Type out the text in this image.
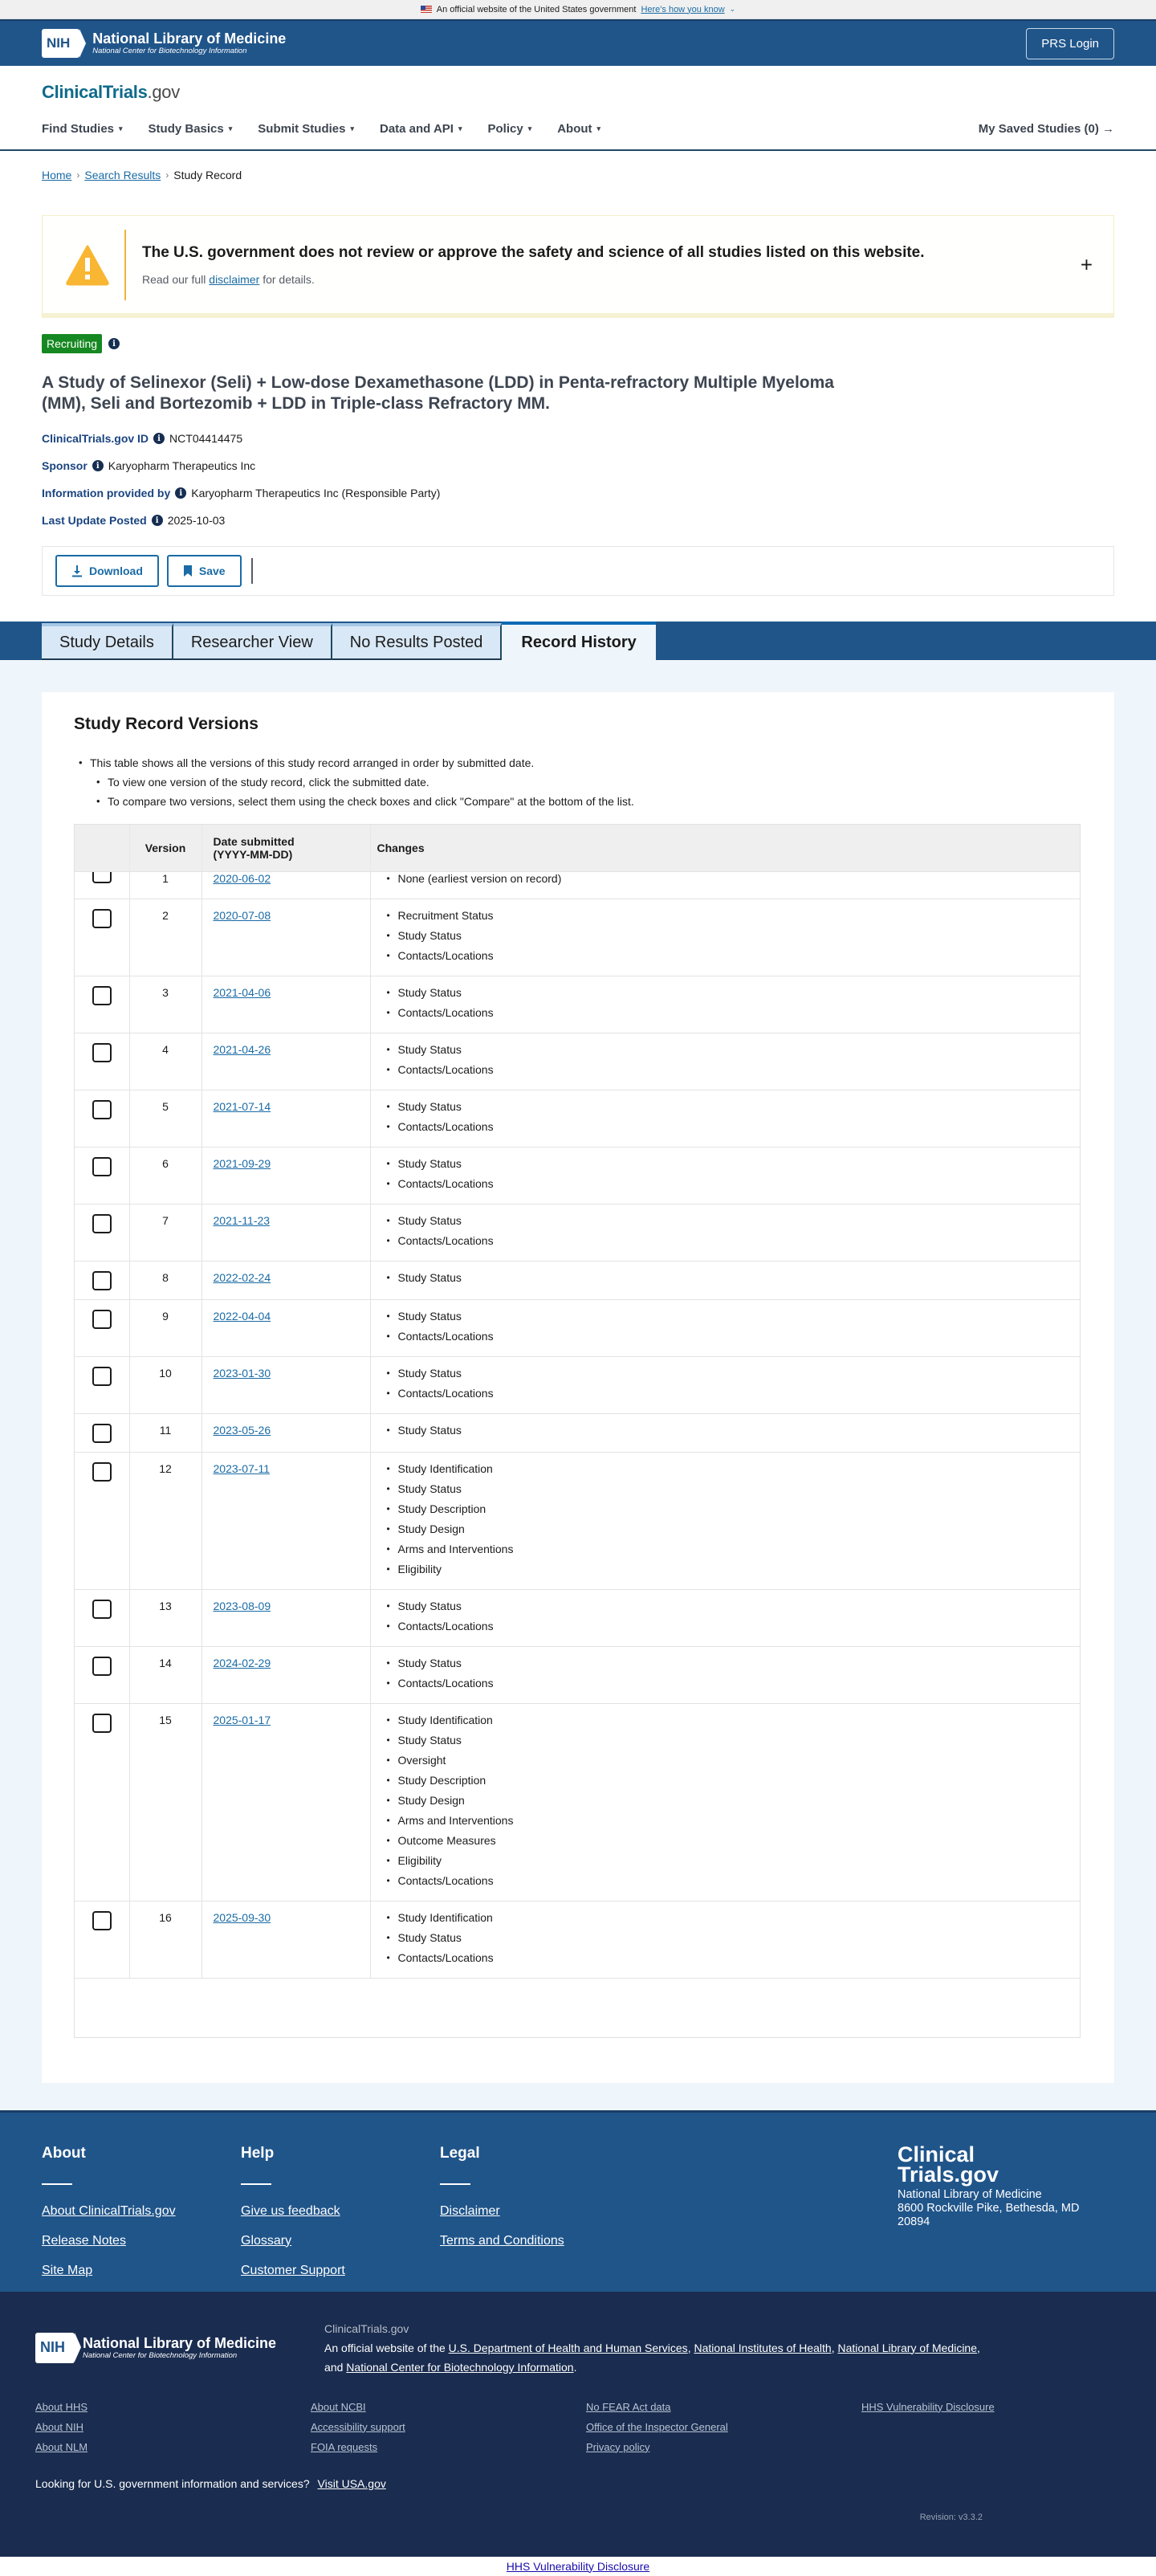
An official website of the United States government Here's how you know ⌄
NIH	National Library of Medicine
National Center for Biotechnology Information
PRS Login
ClinicalTrials.gov
Find Studies ▾ Study Basics ▾ Submit Studies ▾ Data and API ▾ Policy ▾ About ▾	My Saved Studies (0) →
Home › Search Results › Study Record
The U.S. government does not review or approve the safety and science of all studies listed on this website.
Read our full disclaimer for details.
+
Recruiting	i
A Study of Selinexor (Seli) + Low-dose Dexamethasone (LDD) in Penta-refractory Multiple Myeloma (MM), Seli and Bortezomib + LDD in Triple-class Refractory MM.
ClinicalTrials.gov ID	i NCT04414475
Sponsor	i Karyopharm Therapeutics Inc
Information provided by	i Karyopharm Therapeutics Inc (Responsible Party)
Last Update Posted	i 2025-10-03
Download	Save
Study Details	Researcher View	No Results Posted	Record History
Study Record Versions
• This table shows all the versions of this study record arranged in order by submitted date.
• To view one version of the study record, click the submitted date.
• To compare two versions, select them using the check boxes and click "Compare" at the bottom of the list.
	Version	Date submitted
(YYYY-MM-DD)	Changes
	1	2020-06-02	
•None (earliest version on record)

	2	2020-07-08	
•Recruitment Status
• Study Status
• Contacts/Locations

	3	2021-04-06	
•Study Status
• Contacts/Locations

	4	2021-04-26	
•Study Status
• Contacts/Locations

	5	2021-07-14	
•Study Status
• Contacts/Locations

	6	2021-09-29	
•Study Status
• Contacts/Locations

	7	2021-11-23	
•Study Status
• Contacts/Locations

	8	2022-02-24	
•Study Status

	9	2022-04-04	
•Study Status
• Contacts/Locations

	10	2023-01-30	
•Study Status
• Contacts/Locations

	11	2023-05-26	
•Study Status

	12	2023-07-11	
•Study Identification
• Study Status
• Study Description
• Study Design
• Arms and Interventions
• Eligibility

	13	2023-08-09	
•Study Status
• Contacts/Locations

	14	2024-02-29	
•Study Status
• Contacts/Locations

	15	2025-01-17	
•Study Identification
• Study Status
• Oversight
• Study Description
• Study Design
• Arms and Interventions
• Outcome Measures
• Eligibility
• Contacts/Locations

	16	2025-09-30	
•Study Identification
• Study Status
• Contacts/Locations
About
About ClinicalTrials.gov
Release Notes
Site Map
Help
Give us feedback
Glossary
Customer Support
Legal
Disclaimer
Terms and Conditions
Clinical
Trials.gov
National Library of Medicine
8600 Rockville Pike, Bethesda, MD
20894
NIH	National Library of Medicine
National Center for Biotechnology Information
ClinicalTrials.gov
An official website of the U.S. Department of Health and Human Services, National Institutes of Health, National Library of Medicine,
and National Center for Biotechnology Information.
About HHS	About NCBI	No FEAR Act data	HHS Vulnerability Disclosure
About NIH	Accessibility support	Office of the Inspector General
About NLM	FOIA requests	Privacy policy
Looking for U.S. government information and services? Visit USA.gov
Revision: v3.3.2
HHS Vulnerability Disclosure
